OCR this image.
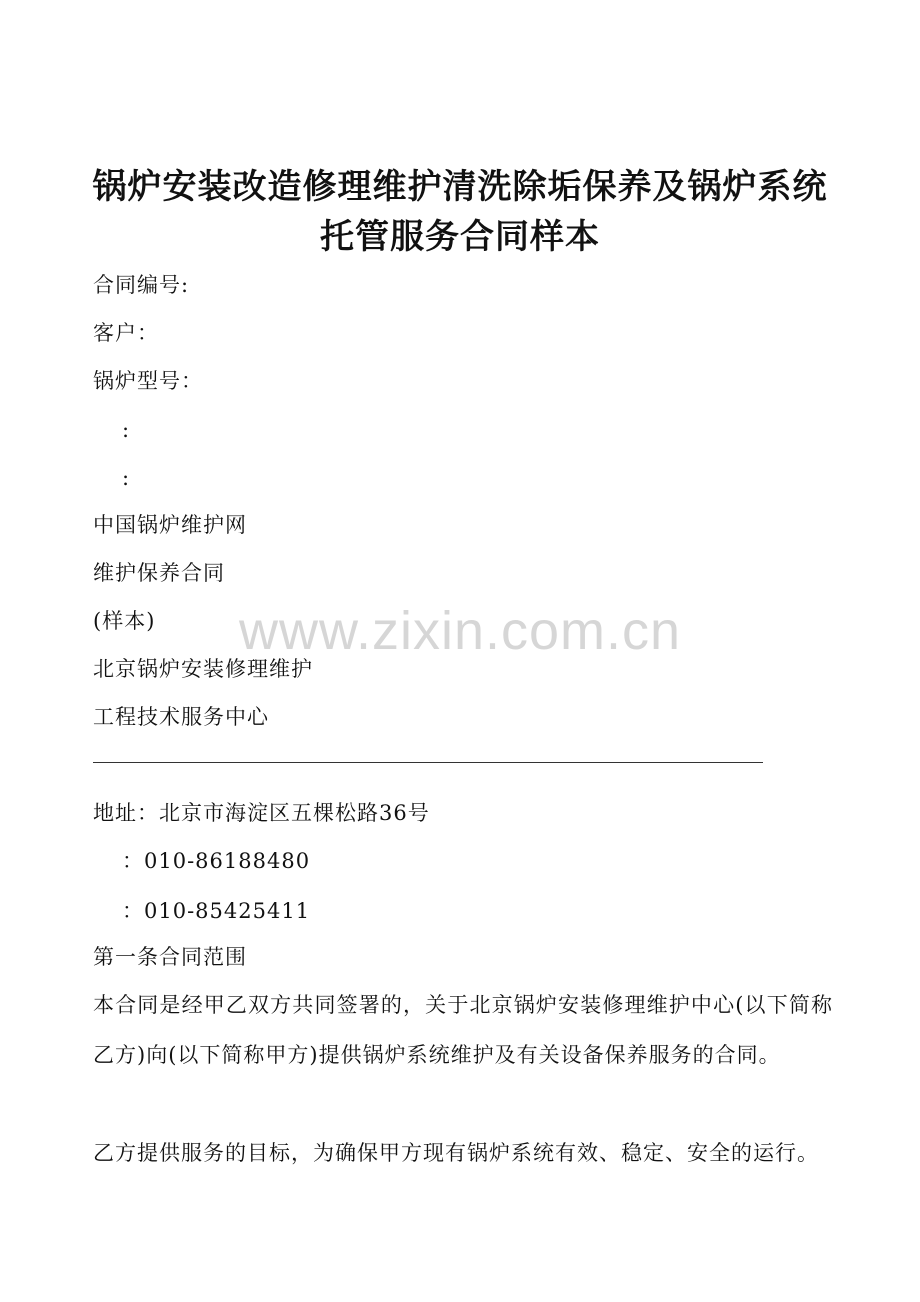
锅炉安装改造修理维护清洗除垢保养及锅炉系统
托管服务合同样本
合同编号:
客户：
锅炉型号：
:
:
中国锅炉维护网
维护保养合同
(样本)
北京锅炉安装修理维护
工程技术服务中心
地址：北京市海淀区五棵松路36号
：010-86188480
：010-85425411
第一条合同范围
本合同是经甲乙双方共同签署的，关于北京锅炉安装修理维护中心(以下简称乙方)向(以下简称甲方)提供锅炉系统维护及有关设备保养服务的合同。
乙方提供服务的目标，为确保甲方现有锅炉系统有效、稳定、安全的运行。
www.zixin.com.cn
